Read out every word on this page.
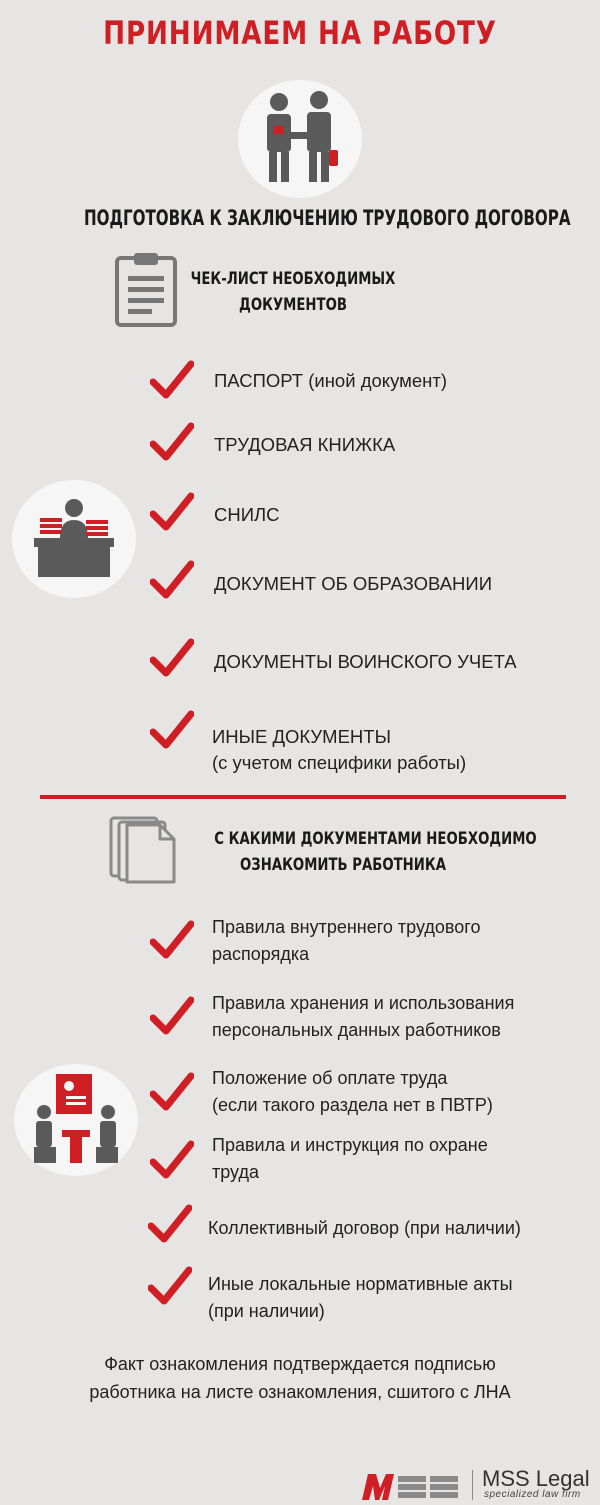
ПРИНИМАЕМ НА РАБОТУ
ПОДГОТОВКА К ЗАКЛЮЧЕНИЮ ТРУДОВОГО ДОГОВОРА
ЧЕК-ЛИСТ НЕОБХОДИМЫХ
ДОКУМЕНТОВ
ПАСПОРТ (иной документ)
ТРУДОВАЯ КНИЖКА
СНИЛС
ДОКУМЕНТ ОБ ОБРАЗОВАНИИ
ДОКУМЕНТЫ ВОИНСКОГО УЧЕТА
ИНЫЕ ДОКУМЕНТЫ
(с учетом специфики работы)
С КАКИМИ ДОКУМЕНТАМИ НЕОБХОДИМО
ОЗНАКОМИТЬ РАБОТНИКА
Правила внутреннего трудового
распорядка
Правила хранения и использования
персональных данных работников
Положение об оплате труда
(если такого раздела нет в ПВТР)
Правила и инструкция по охране
труда
Коллективный договор (при наличии)
Иные локальные нормативные акты
(при наличии)
Факт ознакомления подтверждается подписью
работника на листе ознакомления, сшитого с ЛНА
MSS Legal
specialized law firm
